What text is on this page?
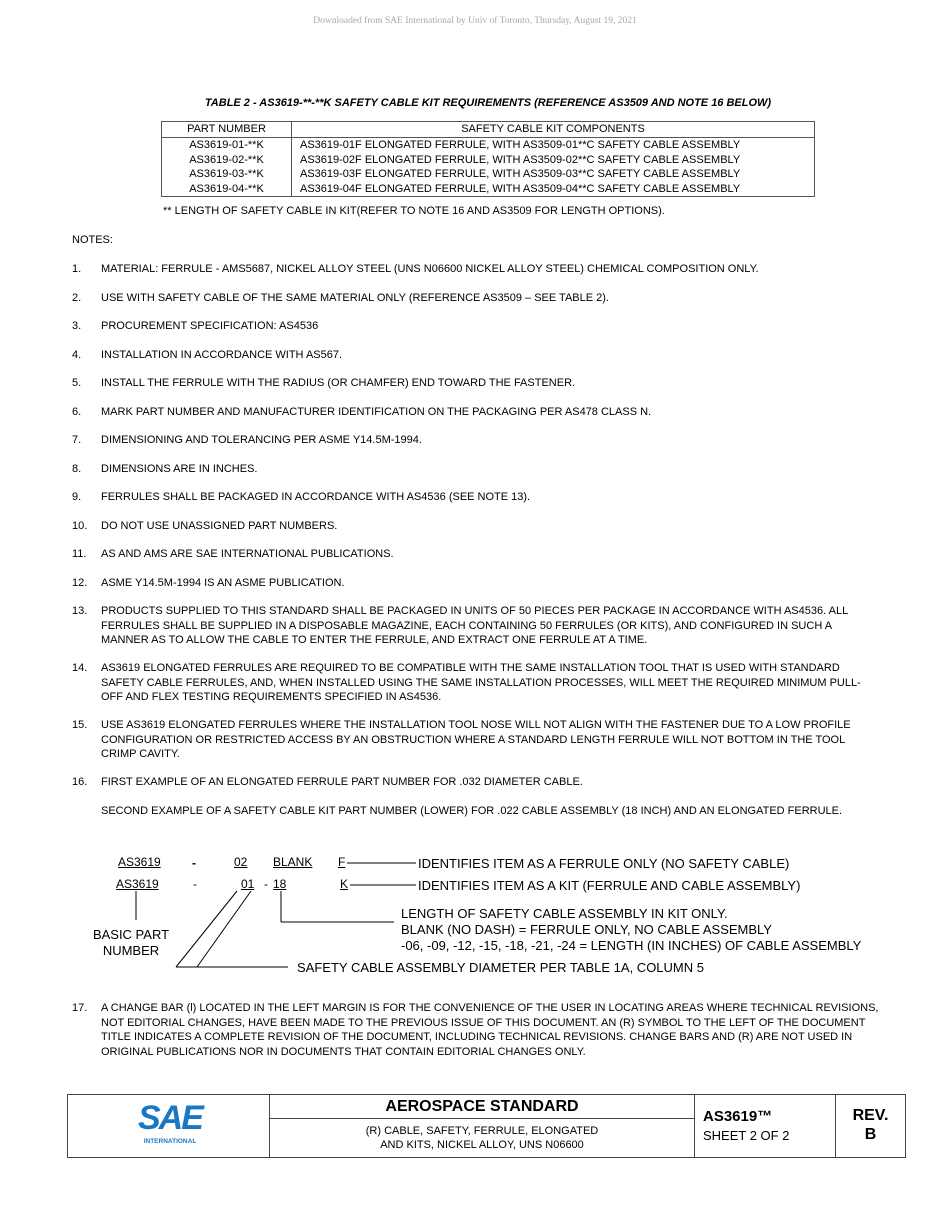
Downloaded from SAE International by Univ of Toronto, Thursday, August 19, 2021
TABLE 2 - AS3619-**-**K SAFETY CABLE KIT REQUIREMENTS (REFERENCE AS3509 AND NOTE 16 BELOW)
PART NUMBER	SAFETY CABLE KIT COMPONENTS
AS3619-01-**K	AS3619-01F ELONGATED FERRULE, WITH AS3509-01**C SAFETY CABLE ASSEMBLY
AS3619-02-**K	AS3619-02F ELONGATED FERRULE, WITH AS3509-02**C SAFETY CABLE ASSEMBLY
AS3619-03-**K	AS3619-03F ELONGATED FERRULE, WITH AS3509-03**C SAFETY CABLE ASSEMBLY
AS3619-04-**K	AS3619-04F ELONGATED FERRULE, WITH AS3509-04**C SAFETY CABLE ASSEMBLY
** LENGTH OF SAFETY CABLE IN KIT(REFER TO NOTE 16 AND AS3509 FOR LENGTH OPTIONS).
NOTES:
1.	MATERIAL: FERRULE - AMS5687, NICKEL ALLOY STEEL (UNS N06600 NICKEL ALLOY STEEL) CHEMICAL COMPOSITION ONLY.
2.	USE WITH SAFETY CABLE OF THE SAME MATERIAL ONLY (REFERENCE AS3509 – SEE TABLE 2).
3.	PROCUREMENT SPECIFICATION: AS4536
4.	INSTALLATION IN ACCORDANCE WITH AS567.
5.	INSTALL THE FERRULE WITH THE RADIUS (OR CHAMFER) END TOWARD THE FASTENER.
6.	MARK PART NUMBER AND MANUFACTURER IDENTIFICATION ON THE PACKAGING PER AS478 CLASS N.
7.	DIMENSIONING AND TOLERANCING PER ASME Y14.5M-1994.
8.	DIMENSIONS ARE IN INCHES.
9.	FERRULES SHALL BE PACKAGED IN ACCORDANCE WITH AS4536 (SEE NOTE 13).
10.	DO NOT USE UNASSIGNED PART NUMBERS.
11.	AS AND AMS ARE SAE INTERNATIONAL PUBLICATIONS.
12.	ASME Y14.5M-1994 IS AN ASME PUBLICATION.
13.	PRODUCTS SUPPLIED TO THIS STANDARD SHALL BE PACKAGED IN UNITS OF 50 PIECES PER PACKAGE IN ACCORDANCE WITH AS4536. ALL FERRULES SHALL BE SUPPLIED IN A DISPOSABLE MAGAZINE, EACH CONTAINING 50 FERRULES (OR KITS), AND CONFIGURED IN SUCH A MANNER AS TO ALLOW THE CABLE TO ENTER THE FERRULE, AND EXTRACT ONE FERRULE AT A TIME.
14.	AS3619 ELONGATED FERRULES ARE REQUIRED TO BE COMPATIBLE WITH THE SAME INSTALLATION TOOL THAT IS USED WITH STANDARD SAFETY CABLE FERRULES, AND, WHEN INSTALLED USING THE SAME INSTALLATION PROCESSES, WILL MEET THE REQUIRED MINIMUM PULL-OFF AND FLEX TESTING REQUIREMENTS SPECIFIED IN AS4536.
15.	USE AS3619 ELONGATED FERRULES WHERE THE INSTALLATION TOOL NOSE WILL NOT ALIGN WITH THE FASTENER DUE TO A LOW PROFILE CONFIGURATION OR RESTRICTED ACCESS BY AN OBSTRUCTION WHERE A STANDARD LENGTH FERRULE WILL NOT BOTTOM IN THE TOOL CRIMP CAVITY.
16.	FIRST EXAMPLE OF AN ELONGATED FERRULE PART NUMBER FOR .032 DIAMETER CABLE.
SECOND EXAMPLE OF A SAFETY CABLE KIT PART NUMBER (LOWER) FOR .022 CABLE ASSEMBLY (18 INCH) AND AN ELONGATED FERRULE.
AS3619	-	02 BLANK F	IDENTIFIES ITEM AS A FERRULE ONLY (NO SAFETY CABLE)
AS3619	-	01 - 18	K	IDENTIFIES ITEM AS A KIT (FERRULE AND CABLE ASSEMBLY)
LENGTH OF SAFETY CABLE ASSEMBLY IN KIT ONLY.
BLANK (NO DASH) = FERRULE ONLY, NO CABLE ASSEMBLY
-06, -09, -12, -15, -18, -21, -24 = LENGTH (IN INCHES) OF CABLE ASSEMBLY
BASIC PART
NUMBER
SAFETY CABLE ASSEMBLY DIAMETER PER TABLE 1A, COLUMN 5
17.	A CHANGE BAR (l) LOCATED IN THE LEFT MARGIN IS FOR THE CONVENIENCE OF THE USER IN LOCATING AREAS WHERE TECHNICAL REVISIONS, NOT EDITORIAL CHANGES, HAVE BEEN MADE TO THE PREVIOUS ISSUE OF THIS DOCUMENT. AN (R) SYMBOL TO THE LEFT OF THE DOCUMENT TITLE INDICATES A COMPLETE REVISION OF THE DOCUMENT, INCLUDING TECHNICAL REVISIONS. CHANGE BARS AND (R) ARE NOT USED IN ORIGINAL PUBLICATIONS NOR IN DOCUMENTS THAT CONTAIN EDITORIAL CHANGES ONLY.
SAE
INTERNATIONAL
AEROSPACE STANDARD
(R) CABLE, SAFETY, FERRULE, ELONGATED
AND KITS, NICKEL ALLOY, UNS N06600
AS3619™
SHEET 2 OF 2
REV.
B
